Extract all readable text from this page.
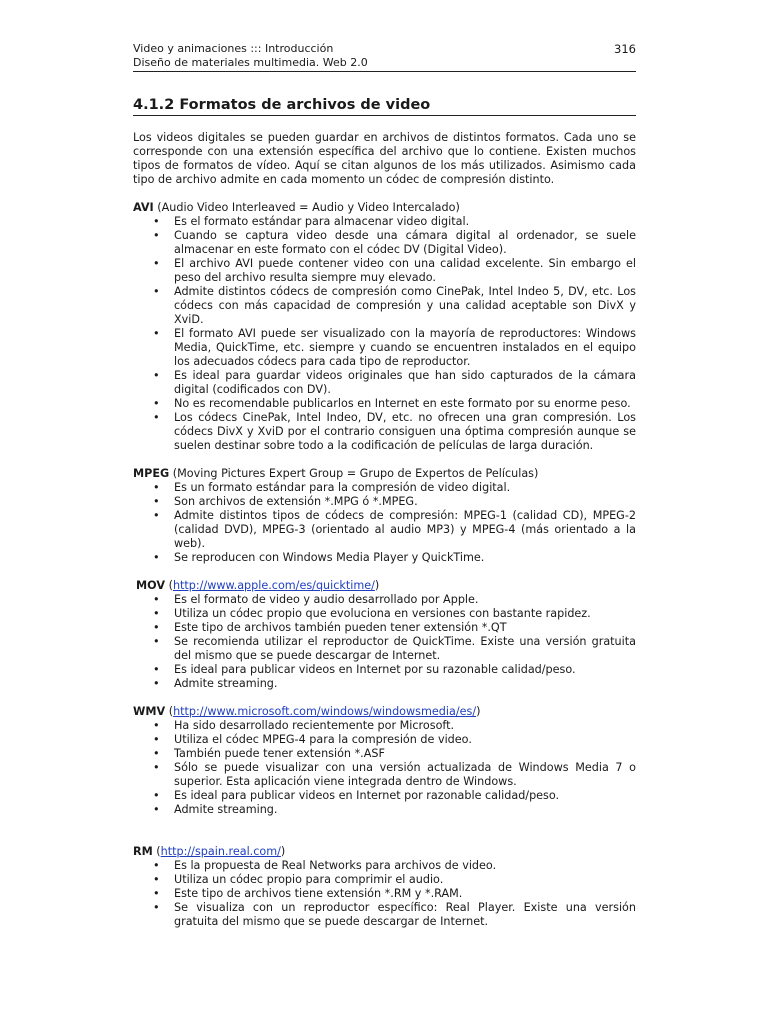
Video y animaciones ::: Introducción
Diseño de materiales multimedia. Web 2.0
316
4.1.2 Formatos de archivos de video

Los videos digitales se pueden guardar en archivos de distintos formatos. Cada uno se corresponde con una extensión específica del archivo que lo contiene. Existen muchos tipos de formatos de vídeo. Aquí se citan algunos de los más utilizados. Asimismo cada tipo de archivo admite en cada momento un códec de compresión distinto.

AVI (Audio Video Interleaved = Audio y Video Intercalado)
• Es el formato estándar para almacenar video digital.
• Cuando se captura video desde una cámara digital al ordenador, se suele almacenar en este formato con el códec DV (Digital Video).
• El archivo AVI puede contener video con una calidad excelente. Sin embargo el peso del archivo resulta siempre muy elevado.
• Admite distintos códecs de compresión como CinePak, Intel Indeo 5, DV, etc. Los códecs con más capacidad de compresión y una calidad aceptable son DivX y XviD.
• El formato AVI puede ser visualizado con la mayoría de reproductores: Windows Media, QuickTime, etc. siempre y cuando se encuentren instalados en el equipo los adecuados códecs para cada tipo de reproductor.
• Es ideal para guardar videos originales que han sido capturados de la cámara digital (codificados con DV).
• No es recomendable publicarlos en Internet en este formato por su enorme peso.
• Los códecs CinePak, Intel Indeo, DV, etc. no ofrecen una gran compresión. Los códecs DivX y XviD por el contrario consiguen una óptima compresión aunque se suelen destinar sobre todo a la codificación de películas de larga duración.
MPEG (Moving Pictures Expert Group = Grupo de Expertos de Películas)
• Es un formato estándar para la compresión de video digital.
• Son archivos de extensión *.MPG ó *.MPEG.
• Admite distintos tipos de códecs de compresión: MPEG-1 (calidad CD), MPEG-2 (calidad DVD), MPEG-3 (orientado al audio MP3) y MPEG-4 (más orientado a la web).
• Se reproducen con Windows Media Player y QuickTime.
MOV (http://www.apple.com/es/quicktime/)
• Es el formato de video y audio desarrollado por Apple.
• Utiliza un códec propio que evoluciona en versiones con bastante rapidez.
• Este tipo de archivos también pueden tener extensión *.QT
• Se recomienda utilizar el reproductor de QuickTime. Existe una versión gratuita del mismo que se puede descargar de Internet.
• Es ideal para publicar videos en Internet por su razonable calidad/peso.
• Admite streaming.
WMV (http://www.microsoft.com/windows/windowsmedia/es/)
• Ha sido desarrollado recientemente por Microsoft.
• Utiliza el códec MPEG-4 para la compresión de video.
• También puede tener extensión *.ASF
• Sólo se puede visualizar con una versión actualizada de Windows Media 7 o superior. Esta aplicación viene integrada dentro de Windows.
• Es ideal para publicar videos en Internet por razonable calidad/peso.
• Admite streaming.
RM (http://spain.real.com/)
• Es la propuesta de Real Networks para archivos de video.
• Utiliza un códec propio para comprimir el audio.
• Este tipo de archivos tiene extensión *.RM y *.RAM.
• Se visualiza con un reproductor específico: Real Player. Existe una versión gratuita del mismo que se puede descargar de Internet.
